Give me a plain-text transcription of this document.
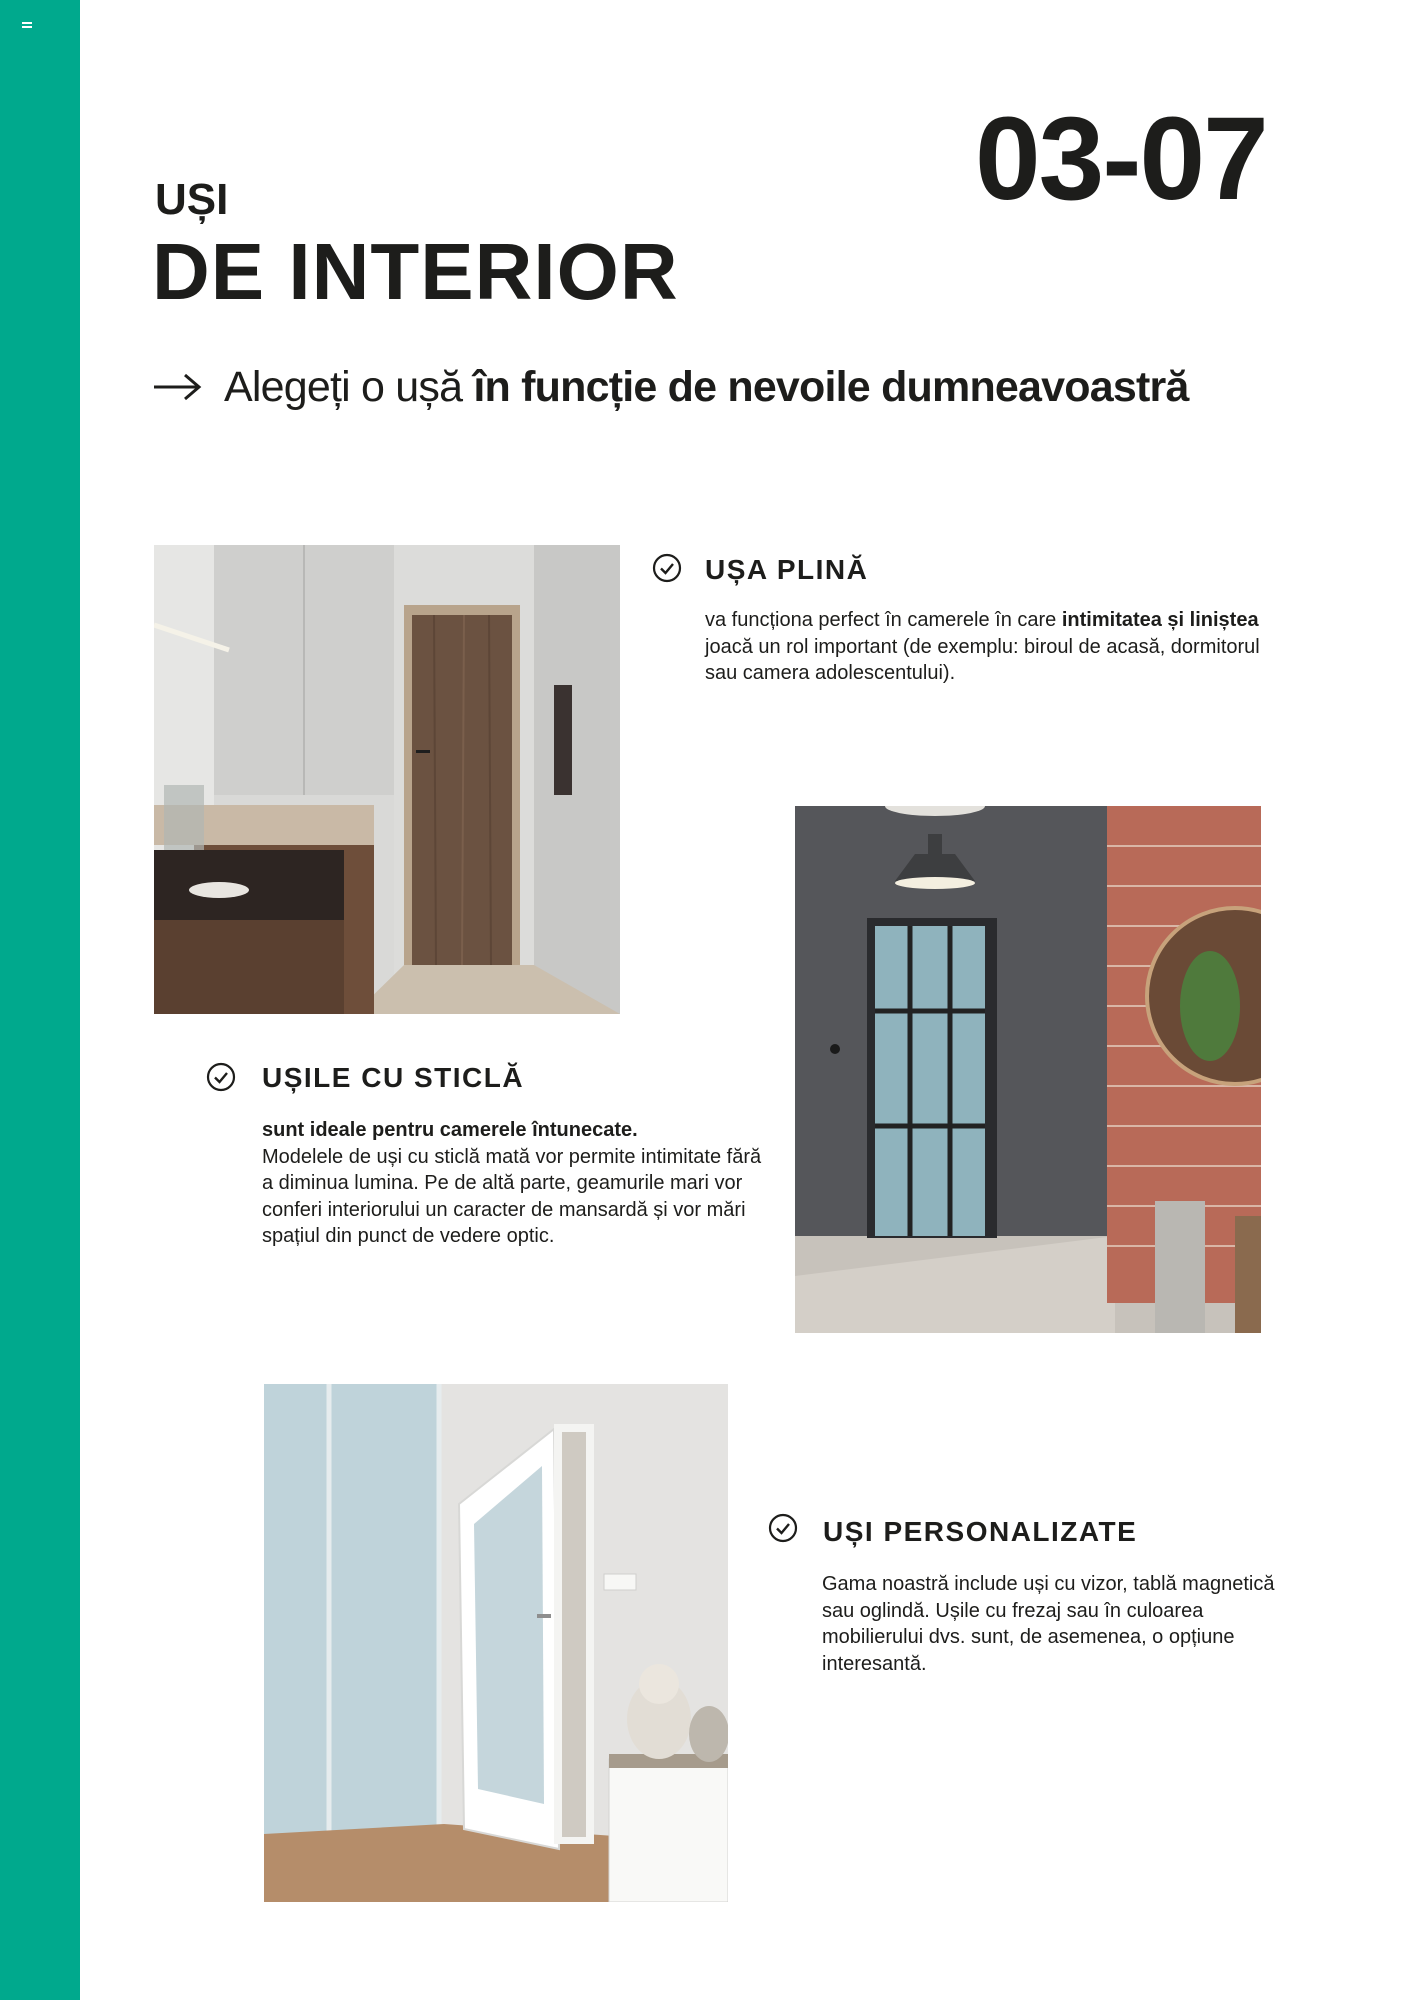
03-07
UȘI
DE INTERIOR
Alegeți o ușă în funcție de nevoile dumneavoastră
UȘA PLINĂ
va funcționa perfect în camerele în care intimitatea și liniștea joacă un rol important (de exemplu: biroul de acasă, dormitorul sau camera adolescentului).
UȘILE CU STICLĂ
sunt ideale pentru camerele întunecate.
Modelele de uși cu sticlă mată vor permite intimitate fără a diminua lumina. Pe de altă parte, geamurile mari vor conferi interiorului un caracter de mansardă și vor mări spațiul din punct de vedere optic.
UȘI PERSONALIZATE
Gama noastră include uși cu vizor, tablă magnetică sau oglindă. Ușile cu frezaj sau în culoarea mobilierului dvs. sunt, de asemenea, o opțiune interesantă.
